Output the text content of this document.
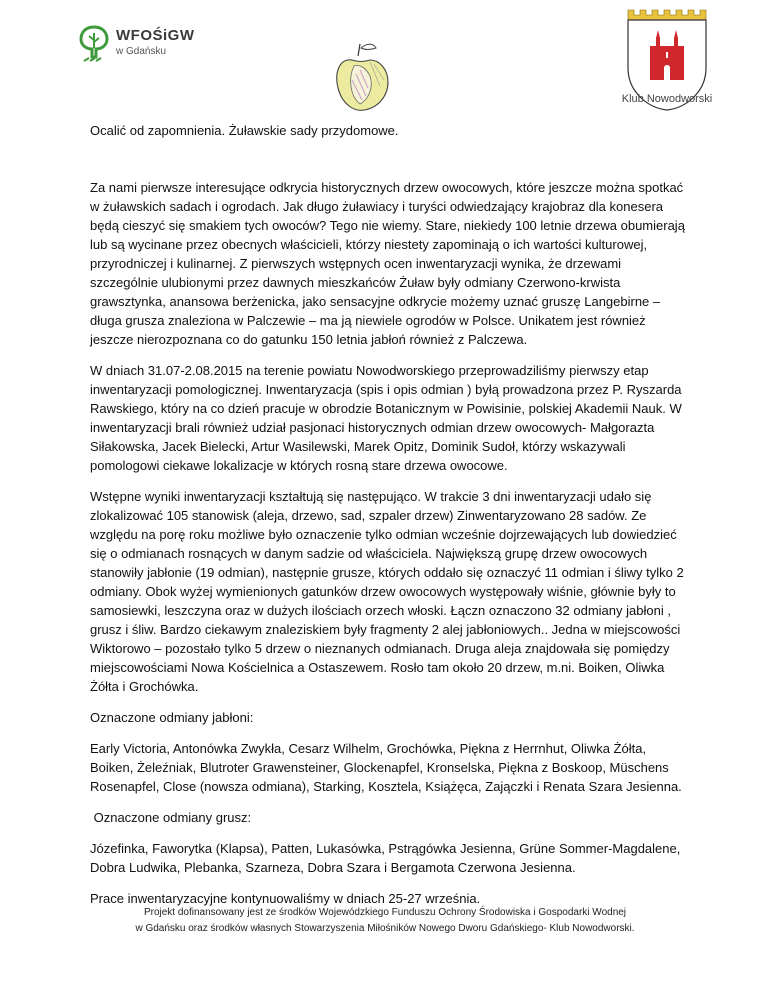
WFOŚiGW
w Gdańsku
Klub Nowodworski

Ocalić od zapomnienia. Żuławskie sady przydomowe.

Za nami pierwsze interesujące odkrycia historycznych drzew owocowych, które jeszcze można spotkać w żuławskich sadach i ogrodach. Jak długo żuławiacy i turyści odwiedzający krajobraz dla konesera będą cieszyć się smakiem tych owoców? Tego nie wiemy. Stare, niekiedy 100 letnie drzewa obumierają lub są wycinane przez obecnych właścicieli, którzy niestety zapominają o ich wartości kulturowej, przyrodniczej i kulinarnej. Z pierwszych wstępnych ocen inwentaryzacji wynika, że drzewami szczególnie ulubionymi przez dawnych mieszkańców Żuław były odmiany Czerwono-krwista grawsztynka, anansowa berżenicka, jako sensacyjne odkrycie możemy uznać gruszę Langebirne – długa grusza znaleziona w Palczewie – ma ją niewiele ogrodów w Polsce. Unikatem jest również jeszcze nierozpoznana co do gatunku 150 letnia jabłoń również z Palczewa.

W dniach 31.07-2.08.2015 na terenie powiatu Nowodworskiego przeprowadziliśmy pierwszy etap inwentaryzacji pomologicznej. Inwentaryzacja (spis i opis odmian ) byłą prowadzona przez P. Ryszarda Rawskiego, który na co dzień pracuje w obrodzie Botanicznym w Powisinie, polskiej Akademii Nauk. W inwentaryzacji brali również udział pasjonaci historycznych odmian drzew owocowych- Małgorazta Siłakowska, Jacek Bielecki, Artur Wasilewski, Marek Opitz, Dominik Sudoł, którzy wskazywali pomologowi ciekawe lokalizacje w których rosną stare drzewa owocowe.

Wstępne wyniki inwentaryzacji kształtują się następująco. W trakcie 3 dni inwentaryzacji udało się zlokalizować 105 stanowisk (aleja, drzewo, sad, szpaler drzew) Zinwentaryzowano 28 sadów. Ze względu na porę roku możliwe było oznaczenie tylko odmian wcześnie dojrzewających lub dowiedzieć się o odmianach rosnących w danym sadzie od właściciela. Największą grupę drzew owocowych stanowiły jabłonie (19 odmian), następnie grusze, których oddało się oznaczyć 11 odmian i śliwy tylko 2 odmiany. Obok wyżej wymienionych gatunków drzew owocowych występowały wiśnie, głównie były to samosiewki, leszczyna oraz w dużych ilościach orzech włoski. Łączn oznaczono 32 odmiany jabłoni , grusz i śliw. Bardzo ciekawym znaleziskiem były fragmenty 2 alej jabłoniowych.. Jedna w miejscowości Wiktorowo – pozostało tylko 5 drzew o nieznanych odmianach. Druga aleja znajdowała się pomiędzy miejscowościami Nowa Kościelnica a Ostaszewem. Rosło tam około 20 drzew, m.ni. Boiken, Oliwka Żółta i Grochówka.

Oznaczone odmiany jabłoni:

Early Victoria, Antonówka Zwykła, Cesarz Wilhelm, Grochówka, Piękna z Herrnhut, Oliwka Żółta, Boiken, Żeleźniak, Blutroter Grawensteiner, Glockenapfel, Kronselska, Piękna z Boskoop, Müschens Rosenapfel, Close (nowsza odmiana), Starking, Kosztela, Książęca, Zajączki i Renata Szara Jesienna.

Oznaczone odmiany grusz:

Józefinka, Faworytka (Klapsa), Patten, Lukasówka, Pstrągówka Jesienna, Grüne Sommer-Magdalene, Dobra Ludwika, Plebanka, Szarneza, Dobra Szara i Bergamota Czerwona Jesienna.

Prace inwentaryzacyjne kontynuowaliśmy w dniach 25-27 września.

Projekt dofinansowany jest ze środków Wojewódzkiego Funduszu Ochrony Środowiska i Gospodarki Wodnej
w Gdańsku oraz środków własnych Stowarzyszenia Miłośników Nowego Dworu Gdańskiego- Klub Nowodworski.
